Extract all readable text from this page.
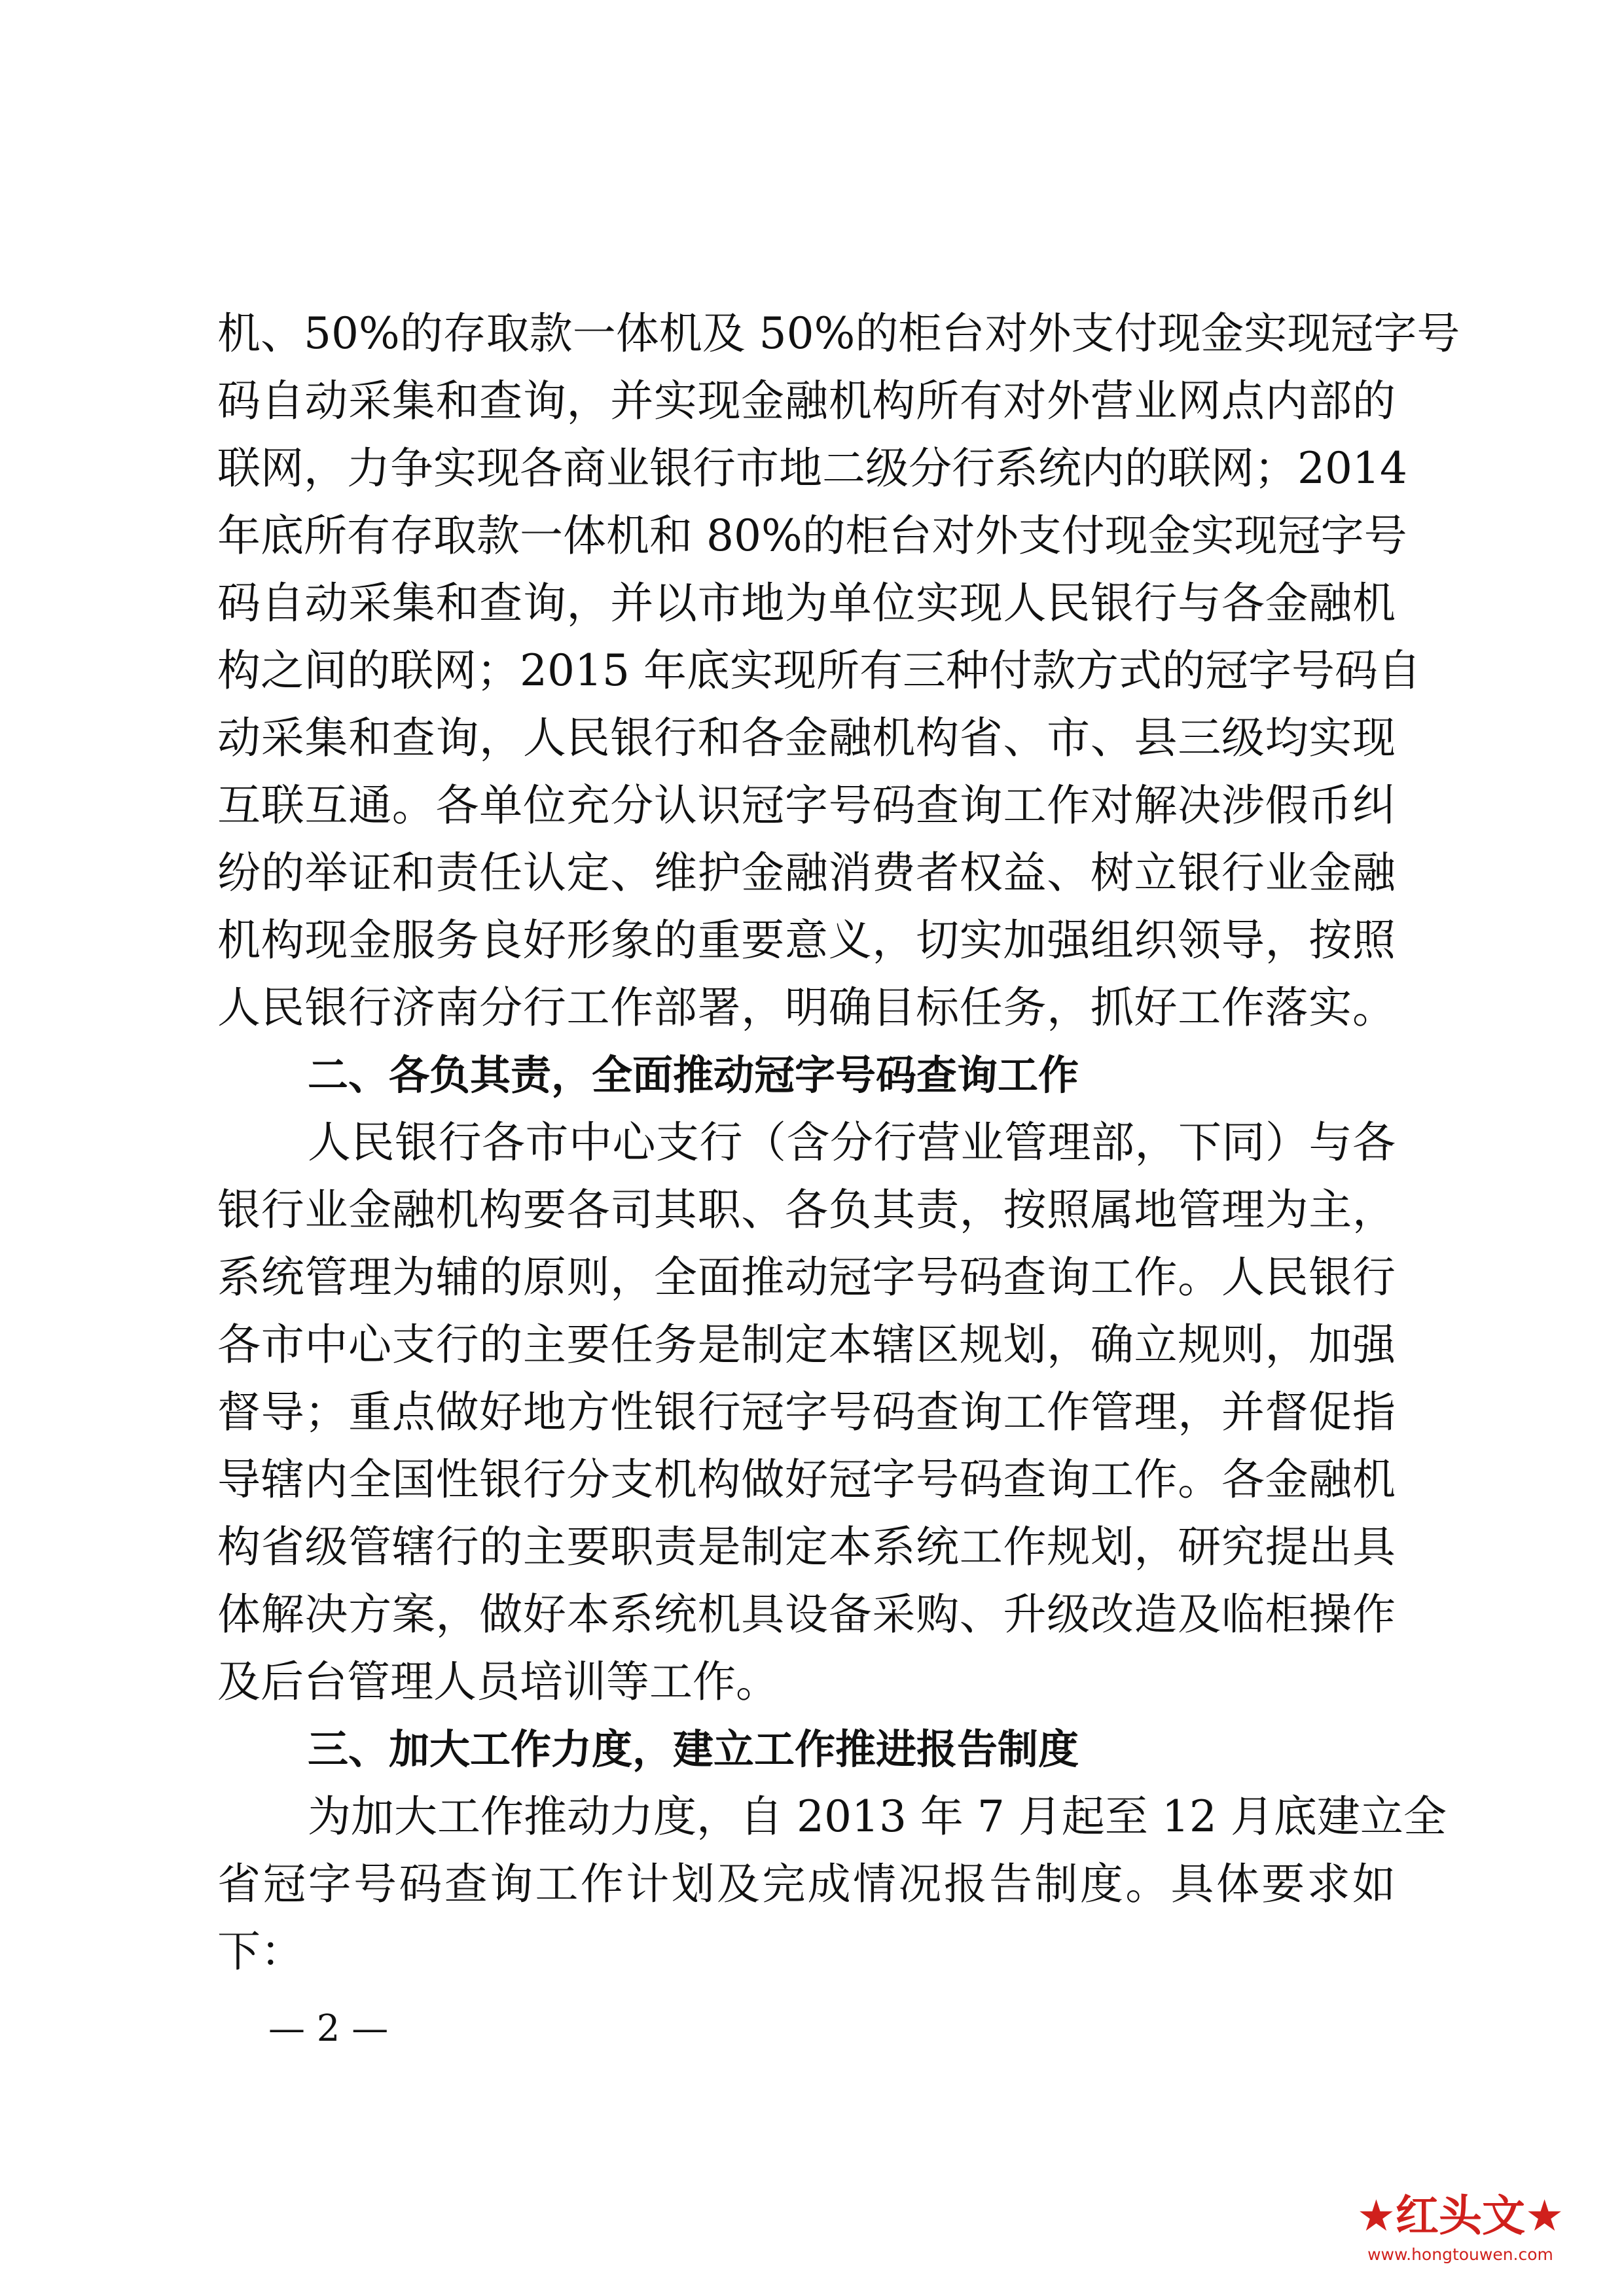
机、50%的存取款一体机及 50%的柜台对外支付现金实现冠字号
码自动采集和查询，并实现金融机构所有对外营业网点内部的
联网，力争实现各商业银行市地二级分行系统内的联网；2014
年底所有存取款一体机和 80%的柜台对外支付现金实现冠字号
码自动采集和查询，并以市地为单位实现人民银行与各金融机
构之间的联网；2015 年底实现所有三种付款方式的冠字号码自
动采集和查询，人民银行和各金融机构省、市、县三级均实现
互联互通。各单位充分认识冠字号码查询工作对解决涉假币纠
纷的举证和责任认定、维护金融消费者权益、树立银行业金融
机构现金服务良好形象的重要意义，切实加强组织领导，按照
人民银行济南分行工作部署，明确目标任务，抓好工作落实。
二、各负其责，全面推动冠字号码查询工作
人民银行各市中心支行（含分行营业管理部，下同）与各
银行业金融机构要各司其职、各负其责，按照属地管理为主，
系统管理为辅的原则，全面推动冠字号码查询工作。人民银行
各市中心支行的主要任务是制定本辖区规划，确立规则，加强
督导；重点做好地方性银行冠字号码查询工作管理，并督促指
导辖内全国性银行分支机构做好冠字号码查询工作。各金融机
构省级管辖行的主要职责是制定本系统工作规划，研究提出具
体解决方案，做好本系统机具设备采购、升级改造及临柜操作
及后台管理人员培训等工作。
三、加大工作力度，建立工作推进报告制度
为加大工作推动力度，自 2013 年 7 月起至 12 月底建立全
省冠字号码查询工作计划及完成情况报告制度。具体要求如
下：
— 2 —
★红头文★
www.hongtouwen.com
